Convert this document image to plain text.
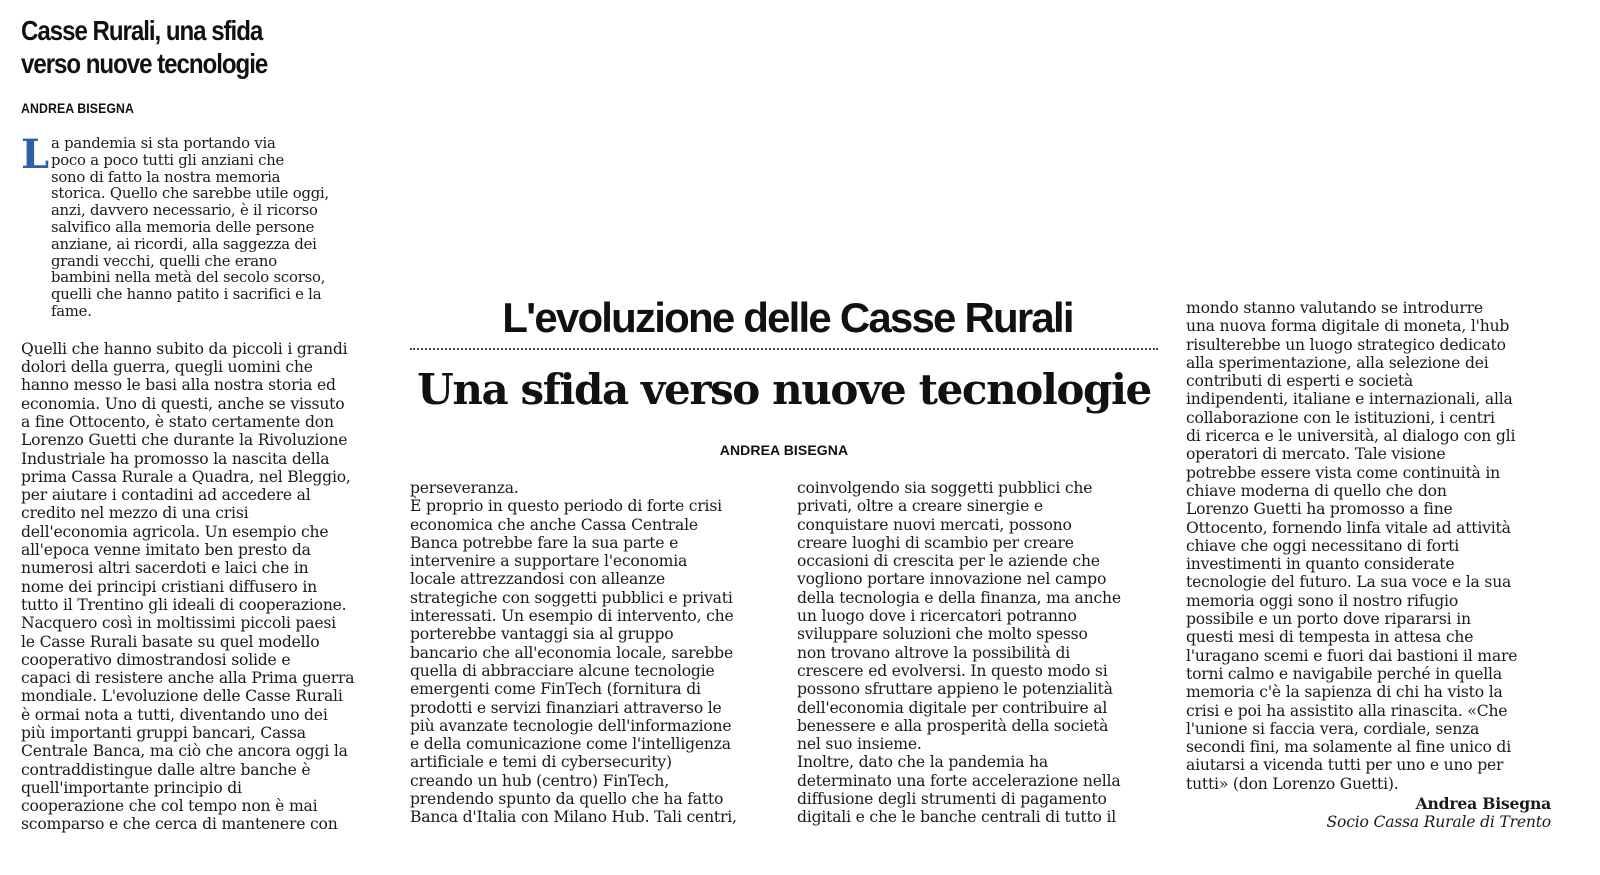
Casse Rurali, una sfida
verso nuove tecnologie
ANDREA BISEGNA
L a pandemia si sta portando via
poco a poco tutti gli anziani che
sono di fatto la nostra memoria
storica. Quello che sarebbe utile oggi,
anzi, davvero necessario, è il ricorso
salvifico alla memoria delle persone
anziane, ai ricordi, alla saggezza dei
grandi vecchi, quelli che erano
bambini nella metà del secolo scorso,
quelli che hanno patito i sacrifici e la
fame.

Quelli che hanno subito da piccoli i grandi
dolori della guerra, quegli uomini che
hanno messo le basi alla nostra storia ed
economia. Uno di questi, anche se vissuto
a fine Ottocento, è stato certamente don
Lorenzo Guetti che durante la Rivoluzione
Industriale ha promosso la nascita della
prima Cassa Rurale a Quadra, nel Bleggio,
per aiutare i contadini ad accedere al
credito nel mezzo di una crisi
dell'economia agricola. Un esempio che
all'epoca venne imitato ben presto da
numerosi altri sacerdoti e laici che in
nome dei principi cristiani diffusero in
tutto il Trentino gli ideali di cooperazione.
Nacquero così in moltissimi piccoli paesi
le Casse Rurali basate su quel modello
cooperativo dimostrandosi solide e
capaci di resistere anche alla Prima guerra
mondiale. L'evoluzione delle Casse Rurali
è ormai nota a tutti, diventando uno dei
più importanti gruppi bancari, Cassa
Centrale Banca, ma ciò che ancora oggi la
contraddistingue dalle altre banche è
quell'importante principio di
cooperazione che col tempo non è mai
scomparso e che cerca di mantenere con

L'evoluzione delle Casse Rurali
Una sfida verso nuove tecnologie
ANDREA BISEGNA

perseveranza.

È proprio in questo periodo di forte crisi
economica che anche Cassa Centrale
Banca potrebbe fare la sua parte e
intervenire a supportare l'economia
locale attrezzandosi con alleanze
strategiche con soggetti pubblici e privati
interessati. Un esempio di intervento, che
porterebbe vantaggi sia al gruppo
bancario che all'economia locale, sarebbe
quella di abbracciare alcune tecnologie
emergenti come FinTech (fornitura di
prodotti e servizi finanziari attraverso le
più avanzate tecnologie dell'informazione
e della comunicazione come l'intelligenza
artificiale e temi di cybersecurity)
creando un hub (centro) FinTech,
prendendo spunto da quello che ha fatto
Banca d'Italia con Milano Hub. Tali centri,

coinvolgendo sia soggetti pubblici che
privati, oltre a creare sinergie e
conquistare nuovi mercati, possono
creare luoghi di scambio per creare
occasioni di crescita per le aziende che
vogliono portare innovazione nel campo
della tecnologia e della finanza, ma anche
un luogo dove i ricercatori potranno
sviluppare soluzioni che molto spesso
non trovano altrove la possibilità di
crescere ed evolversi. In questo modo si
possono sfruttare appieno le potenzialità
dell'economia digitale per contribuire al
benessere e alla prosperità della società
nel suo insieme.

Inoltre, dato che la pandemia ha
determinato una forte accelerazione nella
diffusione degli strumenti di pagamento
digitali e che le banche centrali di tutto il

mondo stanno valutando se introdurre
una nuova forma digitale di moneta, l'hub
risulterebbe un luogo strategico dedicato
alla sperimentazione, alla selezione dei
contributi di esperti e società
indipendenti, italiane e internazionali, alla
collaborazione con le istituzioni, i centri
di ricerca e le università, al dialogo con gli
operatori di mercato. Tale visione
potrebbe essere vista come continuità in
chiave moderna di quello che don
Lorenzo Guetti ha promosso a fine
Ottocento, fornendo linfa vitale ad attività
chiave che oggi necessitano di forti
investimenti in quanto considerate
tecnologie del futuro. La sua voce e la sua
memoria oggi sono il nostro rifugio
possibile e un porto dove ripararsi in
questi mesi di tempesta in attesa che
l'uragano scemi e fuori dai bastioni il mare
torni calmo e navigabile perché in quella
memoria c'è la sapienza di chi ha visto la
crisi e poi ha assistito alla rinascita. «Che
l'unione si faccia vera, cordiale, senza
secondi fini, ma solamente al fine unico di
aiutarsi a vicenda tutti per uno e uno per
tutti» (don Lorenzo Guetti).

Andrea Bisegna
Socio Cassa Rurale di Trento
